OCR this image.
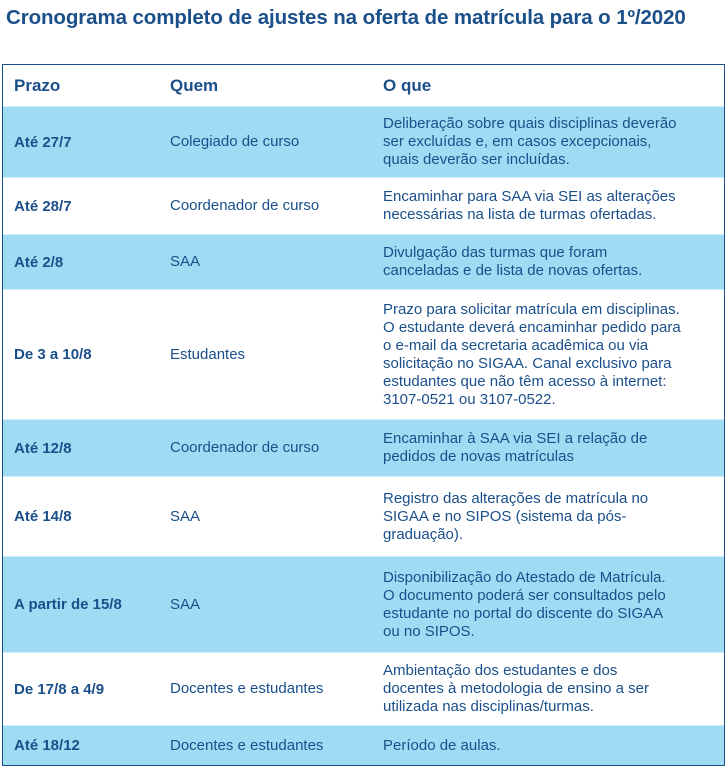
Cronograma completo de ajustes na oferta de matrícula para o 1º/2020
Prazo	Quem	O que
Até 27/7	Colegiado de curso
Deliberação sobre quais disciplinas deverão
ser excluídas e, em casos excepcionais,
quais deverão ser incluídas.
Até 28/7	Coordenador de curso
Encaminhar para SAA via SEI as alterações
necessárias na lista de turmas ofertadas.
Até 2/8	SAA
Divulgação das turmas que foram
canceladas e de lista de novas ofertas.
De 3 a 10/8	Estudantes
Prazo para solicitar matrícula em disciplinas.
O estudante deverá encaminhar pedido para
o e-mail da secretaria acadêmica ou via
solicitação no SIGAA. Canal exclusivo para
estudantes que não têm acesso à internet:
3107-0521 ou 3107-0522.
Até 12/8	Coordenador de curso
Encaminhar à SAA via SEI a relação de
pedidos de novas matrículas
Até 14/8	SAA
Registro das alterações de matrícula no
SIGAA e no SIPOS (sistema da pós-
graduação).
A partir de 15/8	SAA
Disponibilização do Atestado de Matrícula.
O documento poderá ser consultados pelo
estudante no portal do discente do SIGAA
ou no SIPOS.
De 17/8 a 4/9	Docentes e estudantes
Ambientação dos estudantes e dos
docentes à metodologia de ensino a ser
utilizada nas disciplinas/turmas.
Até 18/12	Docentes e estudantes	Período de aulas.
